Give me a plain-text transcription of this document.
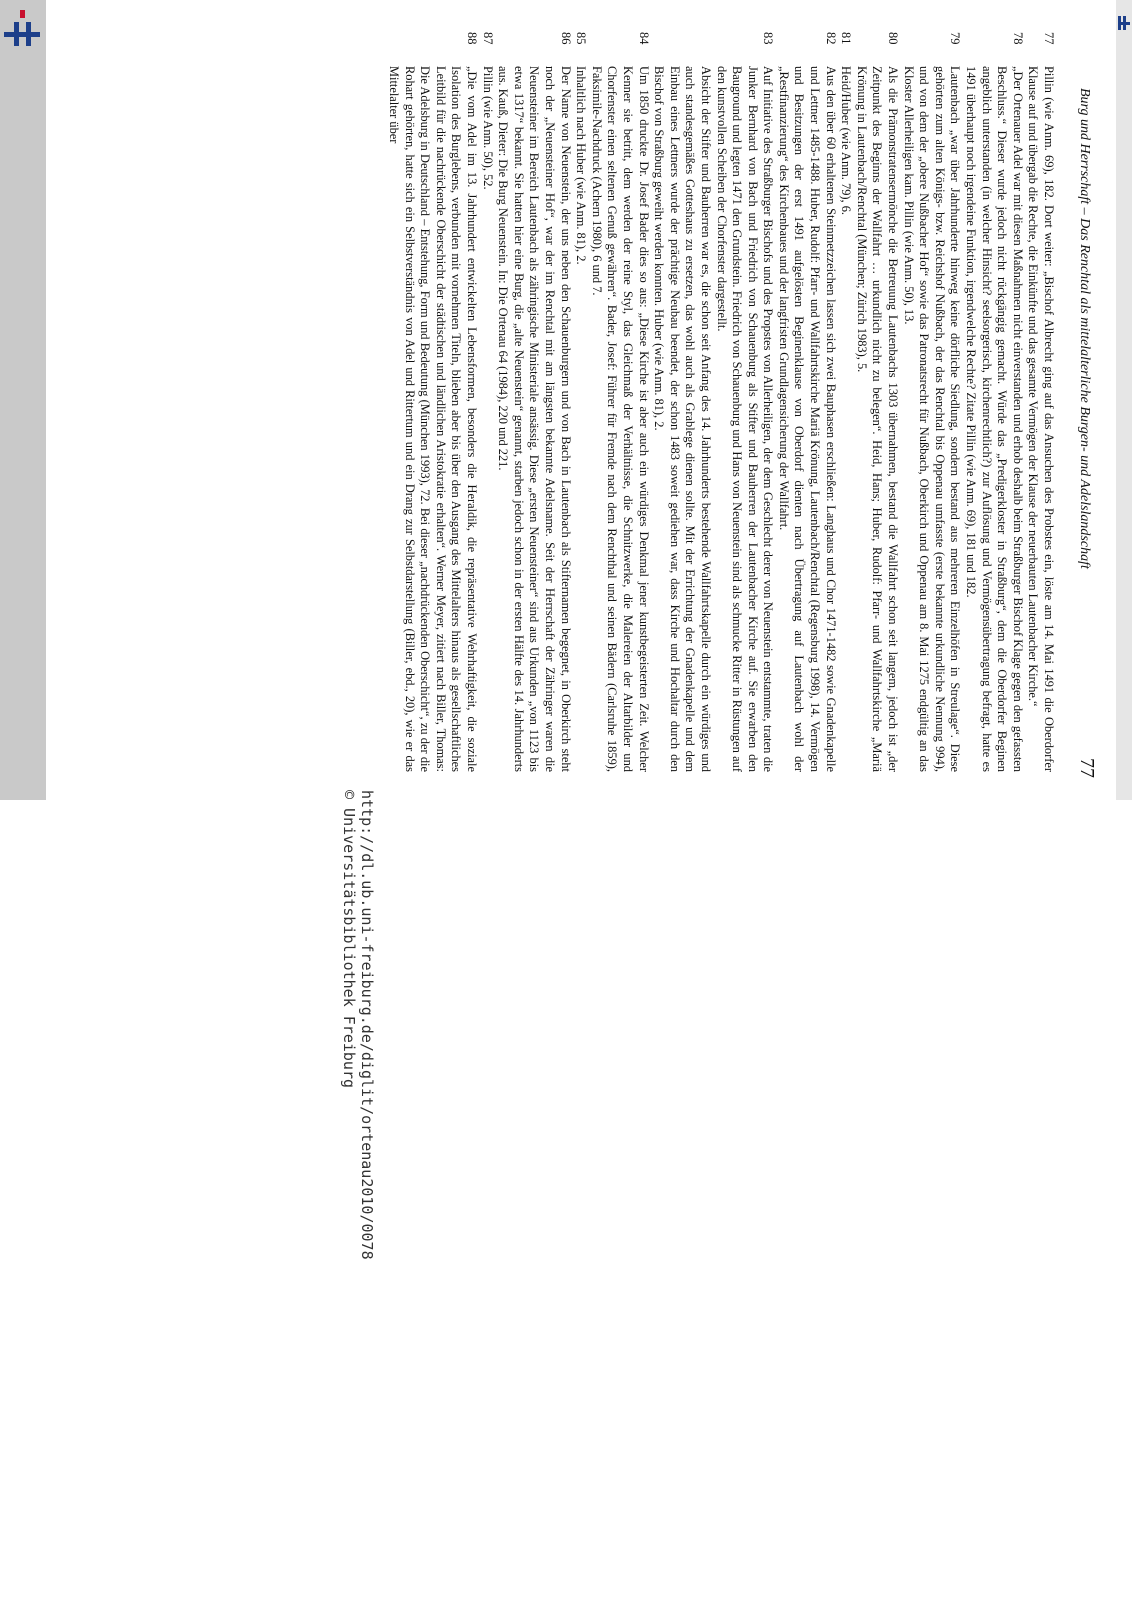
Burg und Herrschaft – Das Renchtal als mittelalterliche Burgen- und Adelslandschaft
77
77
Pillin (wie Anm. 69), 182. Dort weiter: „Bischof Albrecht ging auf das Ansuchen des Probstes ein, löste am 14. Mai 1491 die Oberdorfer Klause auf und übergab die Rechte, die Einkünfte und das gesamte Vermögen der Klause der neuerbauten Lautenbacher Kirche.“
78
„Der Ortenauer Adel war mit diesen Maßnahmen nicht einverstanden und erhob deshalb beim Straßburger Bischof Klage gegen den gefassten Beschluss.“ Dieser wurde jedoch nicht rückgängig gemacht. Würde das „Predigerkloster in Straßburg“, dem die Oberdorfer Beginen angeblich unterstanden (in welcher Hinsicht? seelsorgerisch, kirchenrechtlich?) zur Auflösung und Vermögensübertragung befragt, hatte es 1491 überhaupt noch irgendeine Funktion, irgendwelche Rechte? Zitate Pillin (wie Anm. 69), 181 und 182.
79
Lautenbach „war über Jahrhunderte hinweg keine dörfliche Siedlung, sondern bestand aus mehreren Einzelhöfen in Streulage“. Diese gehörten zum alten Königs- bzw. Reichshof Nußbach, der das Renchtal bis Oppenau umfasste (erste bekannte urkundliche Nennung 994), und von dem der „obere Nußbacher Hof“ sowie das Patronatsrecht für Nußbach, Oberkirch und Oppenau am 8. Mai 1275 endgültig an das Kloster Allerheiligen kam. Pillin (wie Anm. 50), 13.
80
Als die Prämonstratensermönche die Betreuung Lautenbachs 1303 übernahmen, bestand die Wallfahrt schon seit langem, jedoch ist „der Zeitpunkt des Beginns der Wallfahrt … urkundlich nicht zu belegen“. Heid, Hans; Huber, Rudolf: Pfarr- und Wallfahrtskirche „Mariä Krönung in Lautenbach/Renchtal (München; Zürich 1983), 5.
81
Heid/Huber (wie Anm. 79), 6.
82
Aus den über 60 erhaltenen Steinmetzzeichen lassen sich zwei Bauphasen erschließen: Langhaus und Chor 1471-1482 sowie Gnadenkapelle und Lettner 1485-1488. Huber, Rudolf: Pfarr- und Wallfahrtskirche Mariä Krönung, Lautenbach/Renchtal (Regensburg 1998), 14. Vermögen und Besitzungen der erst 1491 aufgelösten Beginenklause von Oberdorf dienten nach Übertragung auf Lautenbach wohl der „Restfinanzierung“ des Kirchenbaues und der langfristen Grundlagensicherung der Wallfahrt.
83
Auf Initiative des Straßburger Bischofs und des Propstes von Allerheiligen, der dem Geschlecht derer von Neuenstein entstammte, traten die Junker Bernhard von Bach und Friedrich von Schauenburg als Stifter und Bauherren der Lautenbacher Kirche auf. Sie erwarben den Bauground und legten 1471 den Grundstein. Friedrich von Schauenburg und Hans von Neuenstein sind als schmucke Ritter in Rüstungen auf den kunstvollen Scheiben der Chorfenster dargestellt.
Absicht der Stifter und Bauherren war es, die schon seit Anfang des 14. Jahrhunderts bestehende Wallfahrtskapelle durch ein würdiges und auch standesgemäßes Gotteshaus zu ersetzen, das wohl auch als Grablege dienen sollte. Mit der Errichtung der Gnadenkapelle und dem Einbau eines Lettners wurde der prächtige Neubau beendet, der schon 1483 soweit gediehen war, dass Kirche und Hochaltar durch den Bischof von Straßburg geweiht werden konnten. Huber (wie Anm. 81), 2.
84
Um 1850 druckte Dr. Josef Bader dies so aus: „Diese Kirche ist aber auch ein würdiges Denkmal jener kunstbegeisterten Zeit. Welcher Kenner sie betritt, dem werden der reine Styl, das Gleichmaß der Verhältnisse, die Schnitzwerke, die Malereien der Altarbilder und Chorfenster einen seltenen Genuß gewähren“. Bader, Josef: Führer für Fremde nach dem Renchthal und seinen Bädern (Carlsruhe 1859), Faksimile-Nachdruck (Achern 1980), 6 und 7.
85
Inhaltlich nach Huber (wie Anm. 81), 2.
86
Der Name von Neuenstein, der uns neben den Schauenburgern und von Bach in Lautenbach als Stifternamen begegnet, in Oberkirch steht noch der „Neuensteiner Hof“, war der im Renchtal mit am längsten bekannte Adelsname. Seit der Herrschaft der Zähringer waren die Neuensteiner im Bereich Lautenbach als zähringische Ministeriale ansässig. Diese „ersten Neuensteiner“ sind aus Urkunden „von 1123 bis etwa 1317“ bekannt. Sie hatten hier eine Burg, die „alte Neuenstein“ genannt, starben jedoch schon in der ersten Hälfte des 14. Jahrhunderts aus. Kauß, Dieter: Die Burg Neuenstein. In: Die Ortenau 64 (1984), 220 und 221.
87
Pillin (wie Anm. 50), 52.
88
„Die vom Adel im 13. Jahrhundert entwickelten Lebensformen, besonders die Heraldik, die repräsentative Wehrhaftigkeit, die soziale Isolation des Burglebens, verbunden mit vornehmen Titeln, blieben aber bis über den Ausgang des Mittelalters hinaus als gesellschaftliches Leitbild für die nachrückende Oberschicht der städtischen und ländlichen Aristokratie erhalten“. Werner Meyer, zitiert nach Biller, Thomas: Die Adelsburg in Deutschland – Entstehung, Form und Bedeutung (München 1993), 72. Bei dieser „nachdrückenden Oberschicht“, zu der die Rohart gehörten, hatte sich ein Selbstverständnis von Adel und Rittertum und ein Drang zur Selbstdarstellung (Biller, ebd., 20), wie er das Mittelalter über
http://dl.ub.uni-freiburg.de/diglit/ortenau2010/0078
© Universitätsbibliothek Freiburg
